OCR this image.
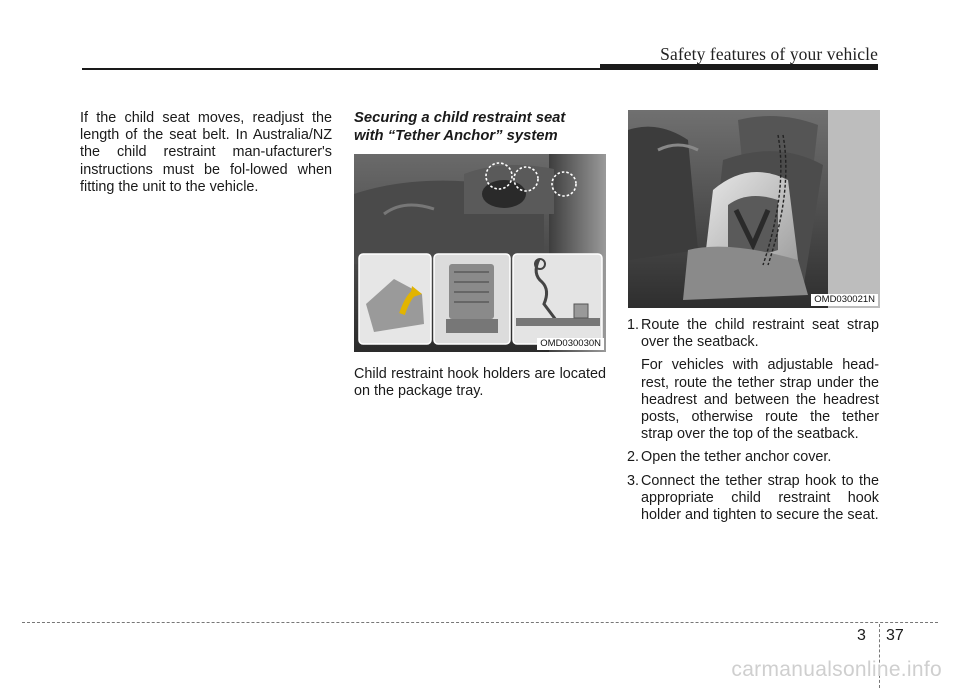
Safety features of your vehicle

If the child seat moves, readjust the length of the seat belt. In Australia/NZ the child restraint man-ufacturer's instructions must be fol-lowed when fitting the unit to the vehicle.

Securing a child restraint seat
with “Tether Anchor” system
OMD030030N

Child restraint hook holders are located on the package tray.

OMD030021N
1. Route the child restraint seat strap over the seatback.
For vehicles with adjustable head-rest, route the tether strap under the headrest and between the headrest posts, otherwise route the tether strap over the top of the seatback.
2. Open the tether anchor cover.
3. Connect the tether strap hook to the appropriate child restraint hook holder and tighten to secure the seat.
3 37
carmanualsonline.info
